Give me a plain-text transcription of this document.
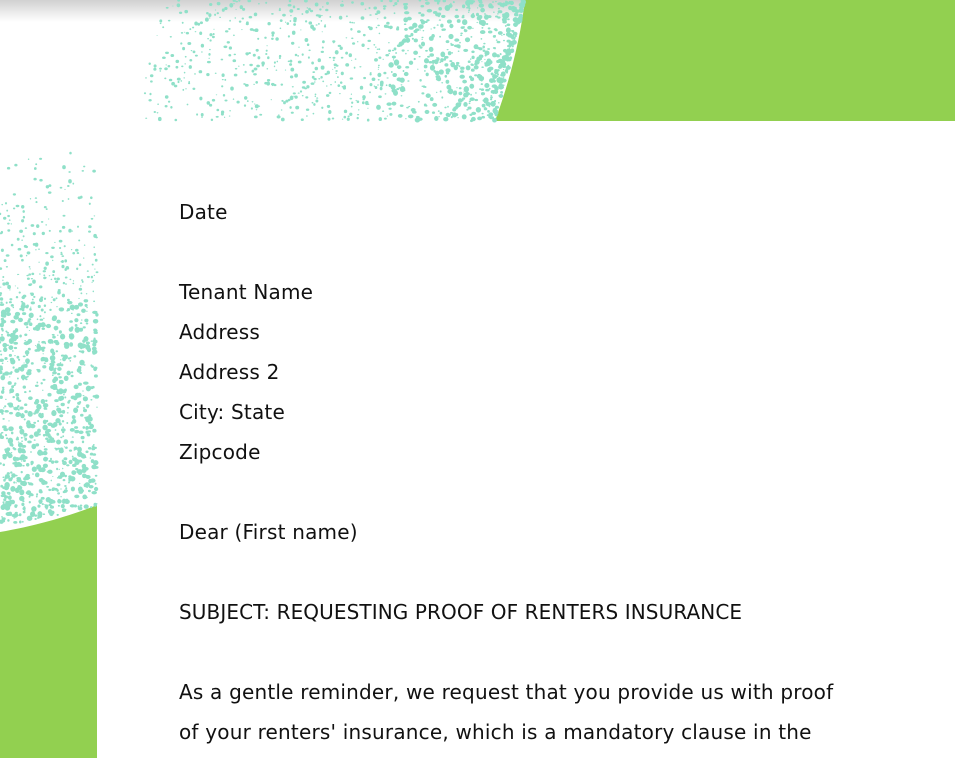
Date
Tenant Name
Address
Address 2
City: State
Zipcode
Dear (First name)
SUBJECT: REQUESTING PROOF OF RENTERS INSURANCE
As a gentle reminder, we request that you provide us with proof
of your renters' insurance, which is a mandatory clause in the
